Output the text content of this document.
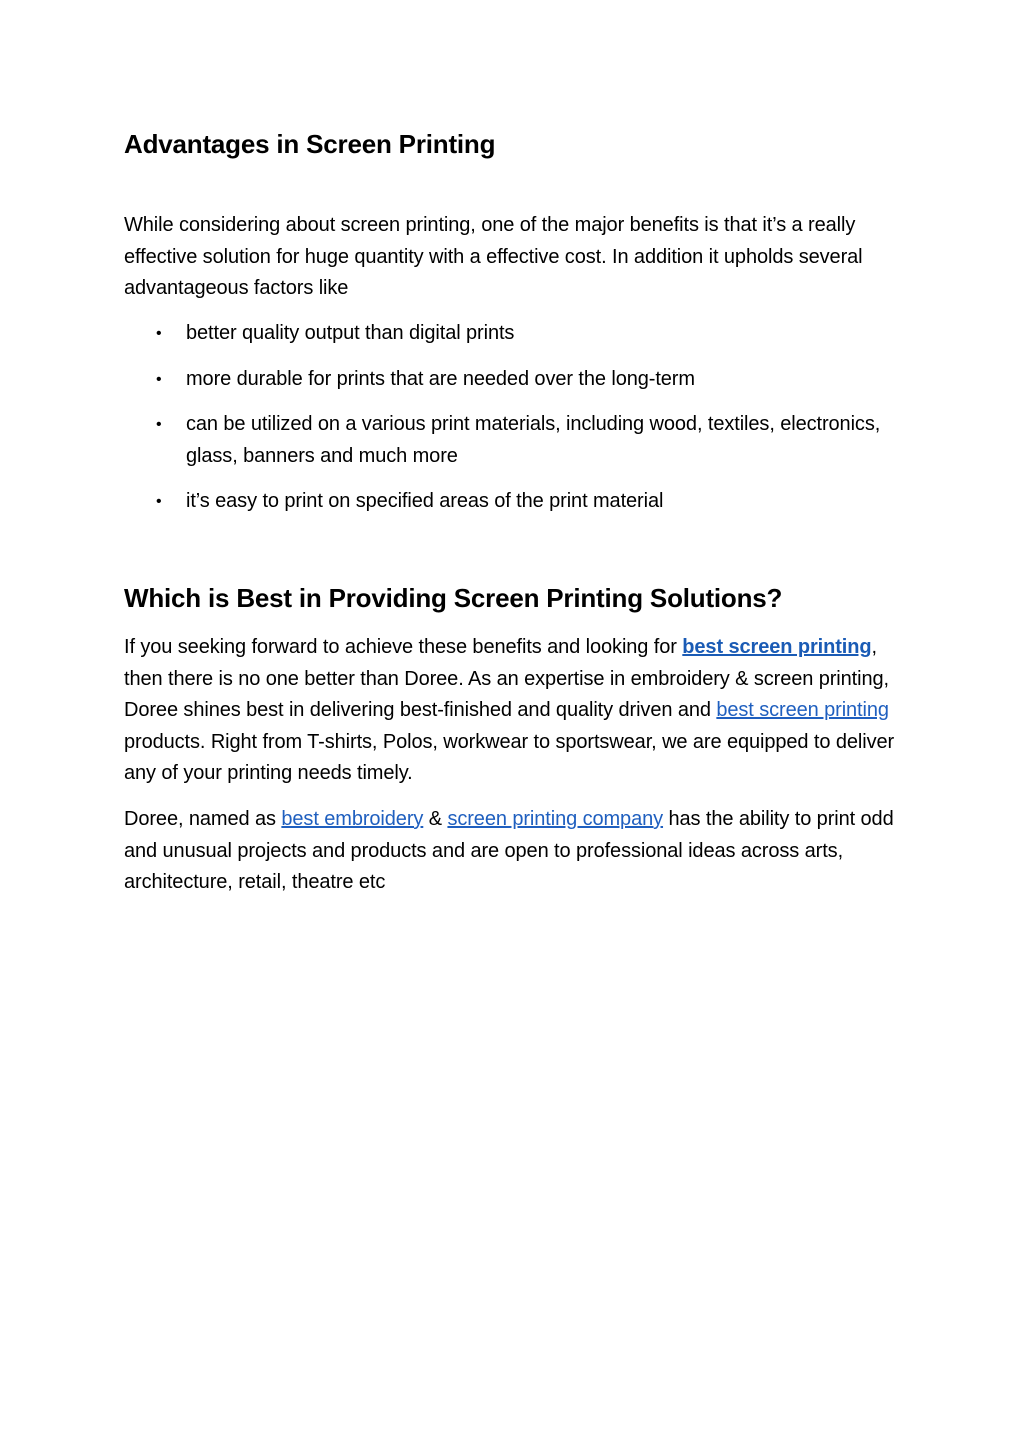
Advantages in Screen Printing

While considering about screen printing, one of the major benefits is that it’s a really effective solution for huge quantity with a effective cost. In addition it upholds several advantageous factors like

• better quality output than digital prints
• more durable for prints that are needed over the long-term
• can be utilized on a various print materials, including wood, textiles, electronics, glass, banners and much more
• it’s easy to print on specified areas of the print material
Which is Best in Providing Screen Printing Solutions?

If you seeking forward to achieve these benefits and looking for best screen printing, then there is no one better than Doree. As an expertise in embroidery & screen printing, Doree shines best in delivering best-finished and quality driven and best screen printing products. Right from T-shirts, Polos, workwear to sportswear, we are equipped to deliver any of your printing needs timely.

Doree, named as best embroidery & screen printing company has the ability to print odd and unusual projects and products and are open to professional ideas across arts, architecture, retail, theatre etc
